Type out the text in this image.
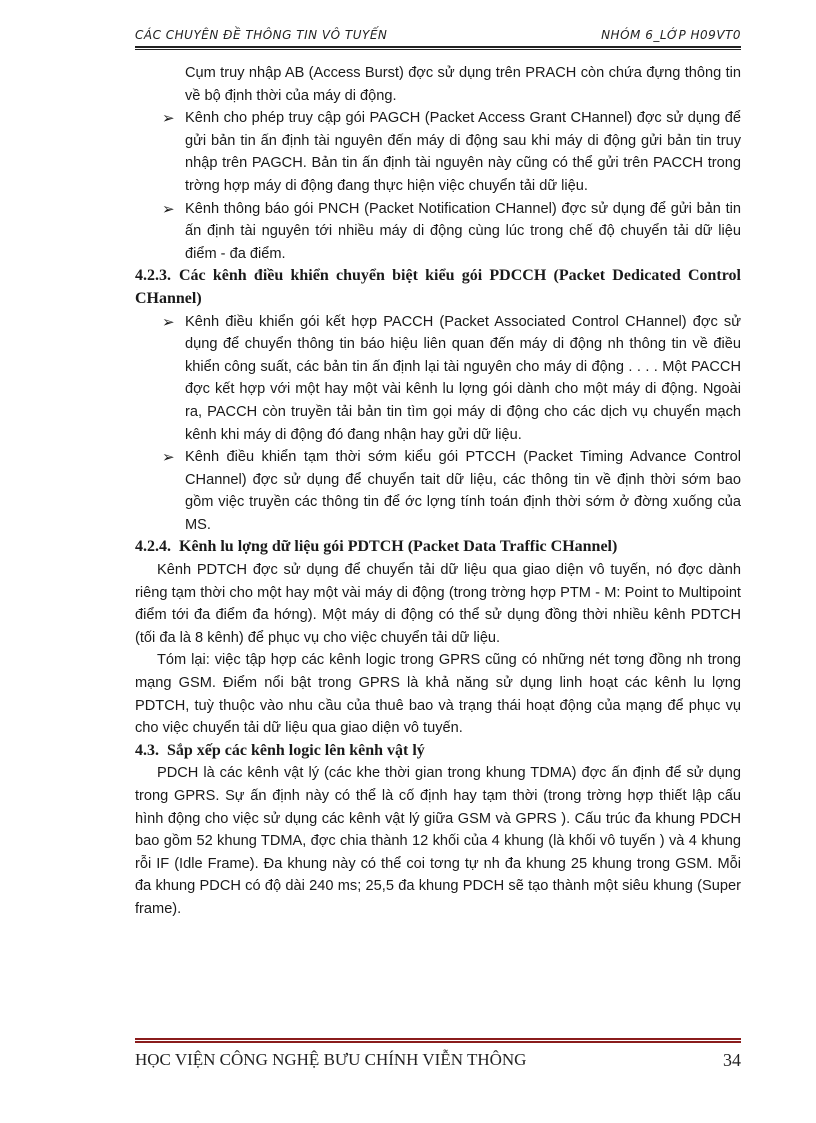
CÁC CHUYÊN ĐỀ THÔNG TIN VÔ TUYẾN	NHÓM 6_LỚP H09VT0

Cụm truy nhập AB (Access Burst) đợc sử dụng trên PRACH còn chứa đựng thông tin về bộ định thời của máy di động.

➢ Kênh cho phép truy cập gói PAGCH (Packet Access Grant CHannel) đợc sử dụng để gửi bản tin ấn định tài nguyên đến máy di động sau khi máy di động gửi bản tin truy nhập trên PAGCH. Bản tin ấn định tài nguyên này cũng có thể gửi trên PACCH trong trờng hợp máy di động đang thực hiện việc chuyển tải dữ liệu.

➢ Kênh thông báo gói PNCH (Packet Notification CHannel) đợc sử dụng để gửi bản tin ấn định tài nguyên tới nhiều máy di động cùng lúc trong chế độ chuyển tải dữ liệu điểm - đa điểm.

4.2.3. Các kênh điều khiển chuyển biệt kiểu gói PDCCH (Packet Dedicated Control CHannel)

➢ Kênh điều khiển gói kết hợp PACCH (Packet Associated Control CHannel) đợc sử dụng để chuyển thông tin báo hiệu liên quan đến máy di động nh thông tin về điều khiển công suất, các bản tin ấn định lại tài nguyên cho máy di động . . . . Một PACCH đợc kết hợp với một hay một vài kênh lu lợng gói dành cho một máy di động. Ngoài ra, PACCH còn truyền tải bản tin tìm gọi máy di động cho các dịch vụ chuyển mạch kênh khi máy di động đó đang nhận hay gửi dữ liệu.

➢ Kênh điều khiển tạm thời sớm kiểu gói PTCCH (Packet Timing Advance Control CHannel) đợc sử dụng để chuyển tait dữ liệu, các thông tin về định thời sớm bao gồm việc truyền các thông tin để ớc lợng tính toán định thời sớm ở đờng xuống của MS.

4.2.4. Kênh lu lợng dữ liệu gói PDTCH (Packet Data Traffic CHannel)

Kênh PDTCH đợc sử dụng để chuyển tải dữ liệu qua giao diện vô tuyến, nó đợc dành riêng tạm thời cho một hay một vài máy di động (trong trờng hợp PTM - M: Point to Multipoint điểm tới đa điểm đa hớng). Một máy di động có thể sử dụng đồng thời nhiều kênh PDTCH (tối đa là 8 kênh) để phục vụ cho việc chuyển tải dữ liệu.

Tóm lại: việc tập hợp các kênh logic trong GPRS cũng có những nét tơng đồng nh trong mạng GSM. Điểm nổi bật trong GPRS là khả năng sử dụng linh hoạt các kênh lu lợng PDTCH, tuỳ thuộc vào nhu cầu của thuê bao và trạng thái hoạt động của mạng để phục vụ cho việc chuyển tải dữ liệu qua giao diện vô tuyến.

4.3. Sắp xếp các kênh logic lên kênh vật lý

PDCH là các kênh vật lý (các khe thời gian trong khung TDMA) đợc ấn định để sử dụng trong GPRS. Sự ấn định này có thể là cố định hay tạm thời (trong trờng hợp thiết lập cấu hình động cho việc sử dụng các kênh vật lý giữa GSM và GPRS ). Cấu trúc đa khung PDCH bao gồm 52 khung TDMA, đợc chia thành 12 khối của 4 khung (là khối vô tuyến ) và 4 khung rỗi IF (Idle Frame). Đa khung này có thể coi tơng tự nh đa khung 25 khung trong GSM. Mỗi đa khung PDCH có độ dài 240 ms; 25,5 đa khung PDCH sẽ tạo thành một siêu khung (Super frame).

HỌC VIỆN CÔNG NGHỆ BƯU CHÍNH VIỄN THÔNG	34
